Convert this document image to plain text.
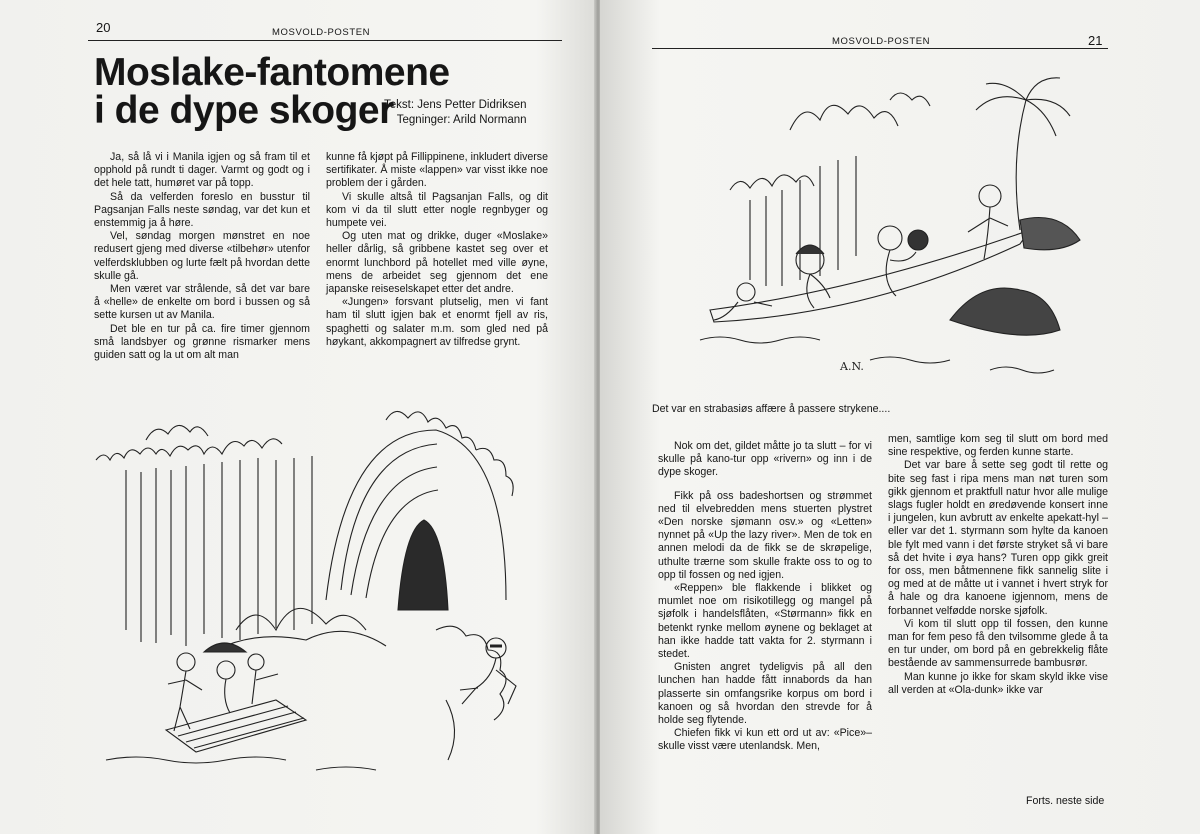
20	MOSVOLD-POSTEN
Moslake-fantomene
i de dype skoger
Tekst: Jens Petter Didriksen
Tegninger: Arild Normann

Ja, så lå vi i Manila igjen og så fram til et opphold på rundt ti dager. Varmt og godt og i det hele tatt, humøret var på topp.

Så da velferden foreslo en busstur til Pagsanjan Falls neste søndag, var det kun et enstemmig ja å høre.

Vel, søndag morgen mønstret en noe redusert gjeng med diverse «tilbehør» utenfor velferdsklubben og lurte fælt på hvordan dette skulle gå.

Men været var strålende, så det var bare å «helle» de enkelte om bord i bussen og så sette kursen ut av Manila.

Det ble en tur på ca. fire timer gjennom små landsbyer og grønne rismarker mens guiden satt og la ut om alt man

kunne få kjøpt på Fillippinene, inkludert diverse sertifikater. Å miste «lappen» var visst ikke noe problem der i gården.

Vi skulle altså til Pagsanjan Falls, og dit kom vi da til slutt etter nogle regnbyger og humpete vei.

Og uten mat og drikke, duger «Moslake» heller dårlig, så gribbene kastet seg over et enormt lunchbord på hotellet med ville øyne, mens de arbeidet seg gjennom det ene japanske reiseselskapet etter det andre.

«Jungen» forsvant plutselig, men vi fant ham til slutt igjen bak et enormt fjell av ris, spaghetti og salater m.m. som gled ned på høykant, akkompagnert av tilfredse grynt.

MOSVOLD-POSTEN	21
A.N.
Det var en strabasiøs affære å passere strykene....

Nok om det, gildet måtte jo ta slutt – for vi skulle på kano-tur opp «rivern» og inn i de dype skoger.

Fikk på oss badeshortsen og strømmet ned til elvebredden mens stuerten plystret «Den norske sjømann osv.» og «Letten» nynnet på «Up the lazy river». Men de tok en annen melodi da de fikk se de skrøpelige, uthulte trærne som skulle frakte oss to og to opp til fossen og ned igjen.

«Reppen» ble flakkende i blikket og mumlet noe om risikotillegg og mangel på sjøfolk i handelsflåten, «Størmann» fikk en betenkt rynke mellom øynene og beklaget at han ikke hadde tatt vakta for 2. styrmann i stedet.

Gnisten angret tydeligvis på all den lunchen han hadde fått innabords da han plasserte sin omfangsrike korpus om bord i kanoen og så hvordan den strevde for å holde seg flytende.

Chiefen fikk vi kun ett ord ut av: «Pice»– skulle visst være utenlandsk. Men,

men, samtlige kom seg til slutt om bord med sine respektive, og ferden kunne starte.

Det var bare å sette seg godt til rette og bite seg fast i ripa mens man nøt turen som gikk gjennom et praktfull natur hvor alle mulige slags fugler holdt en øredøvende konsert inne i jungelen, kun avbrutt av enkelte apekatt-hyl – eller var det 1. styrmann som hylte da kanoen ble fylt med vann i det første stryket så vi bare så det hvite i øya hans? Turen opp gikk greit for oss, men båtmennene fikk sannelig slite i og med at de måtte ut i vannet i hvert stryk for å hale og dra kanoene igjennom, mens de forbannet velfødde norske sjøfolk.

Vi kom til slutt opp til fossen, den kunne man for fem peso få den tvilsomme glede å ta en tur under, om bord på en gebrekkelig flåte bestående av sammensurrede bambusrør.

Man kunne jo ikke for skam skyld ikke vise all verden at «Ola-dunk» ikke var

Forts. neste side
